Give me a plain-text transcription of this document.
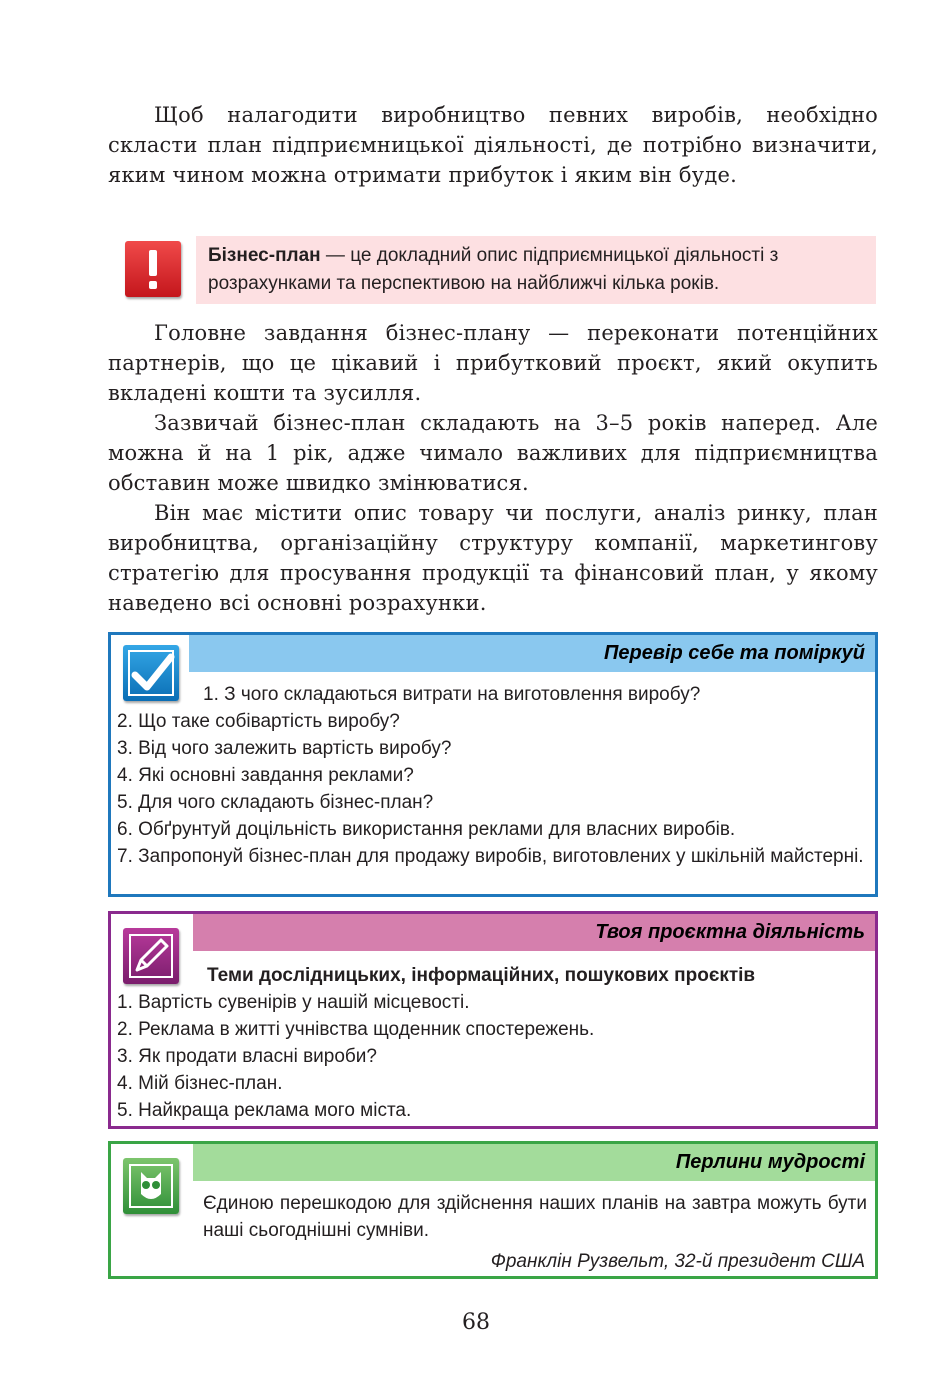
Щоб налагодити виробництво певних виробів, необхідно скласти план підприємницької діяльності, де потрібно визначити, яким чином можна отримати прибуток і яким він буде.

Бізнес-план — це докладний опис підприємницької діяльності з розрахунками та перспективою на найближчі кілька років.

Головне завдання бізнес-плану — переконати потенційних партнерів, що це цікавий і прибутковий проєкт, який окупить вкладені кошти та зусилля.

Зазвичай бізнес-план складають на 3–5 років наперед. Але можна й на 1 рік, адже чимало важливих для підприємництва обставин може швидко змінюватися.

Він має містити опис товару чи послуги, аналіз ринку, план виробництва, організаційну структуру компанії, маркетингову стратегію для просування продукції та фінансовий план, у якому наведено всі основні розрахунки.

Перевір себе та поміркуй
1. З чого складаються витрати на виготовлення виробу?
2. Що таке собівартість виробу?
3. Від чого залежить вартість виробу?
4. Які основні завдання реклами?
5. Для чого складають бізнес-план?
6. Обґрунтуй доцільність використання реклами для власних виробів.
7. Запропонуй бізнес-план для продажу виробів, виготовлених у шкільній майстерні.
Твоя проєктна діяльність
Теми дослідницьких, інформаційних, пошукових проєктів
1. Вартість сувенірів у нашій місцевості.
2. Реклама в житті учнівства щоденник спостережень.
3. Як продати власні вироби?
4. Мій бізнес-план.
5. Найкраща реклама мого міста.
Перлини мудрості
Єдиною перешкодою для здійснення наших планів на завтра можуть бути наші сьогоднішні сумніви.
Франклін Рузвельт, 32-й президент США
68
